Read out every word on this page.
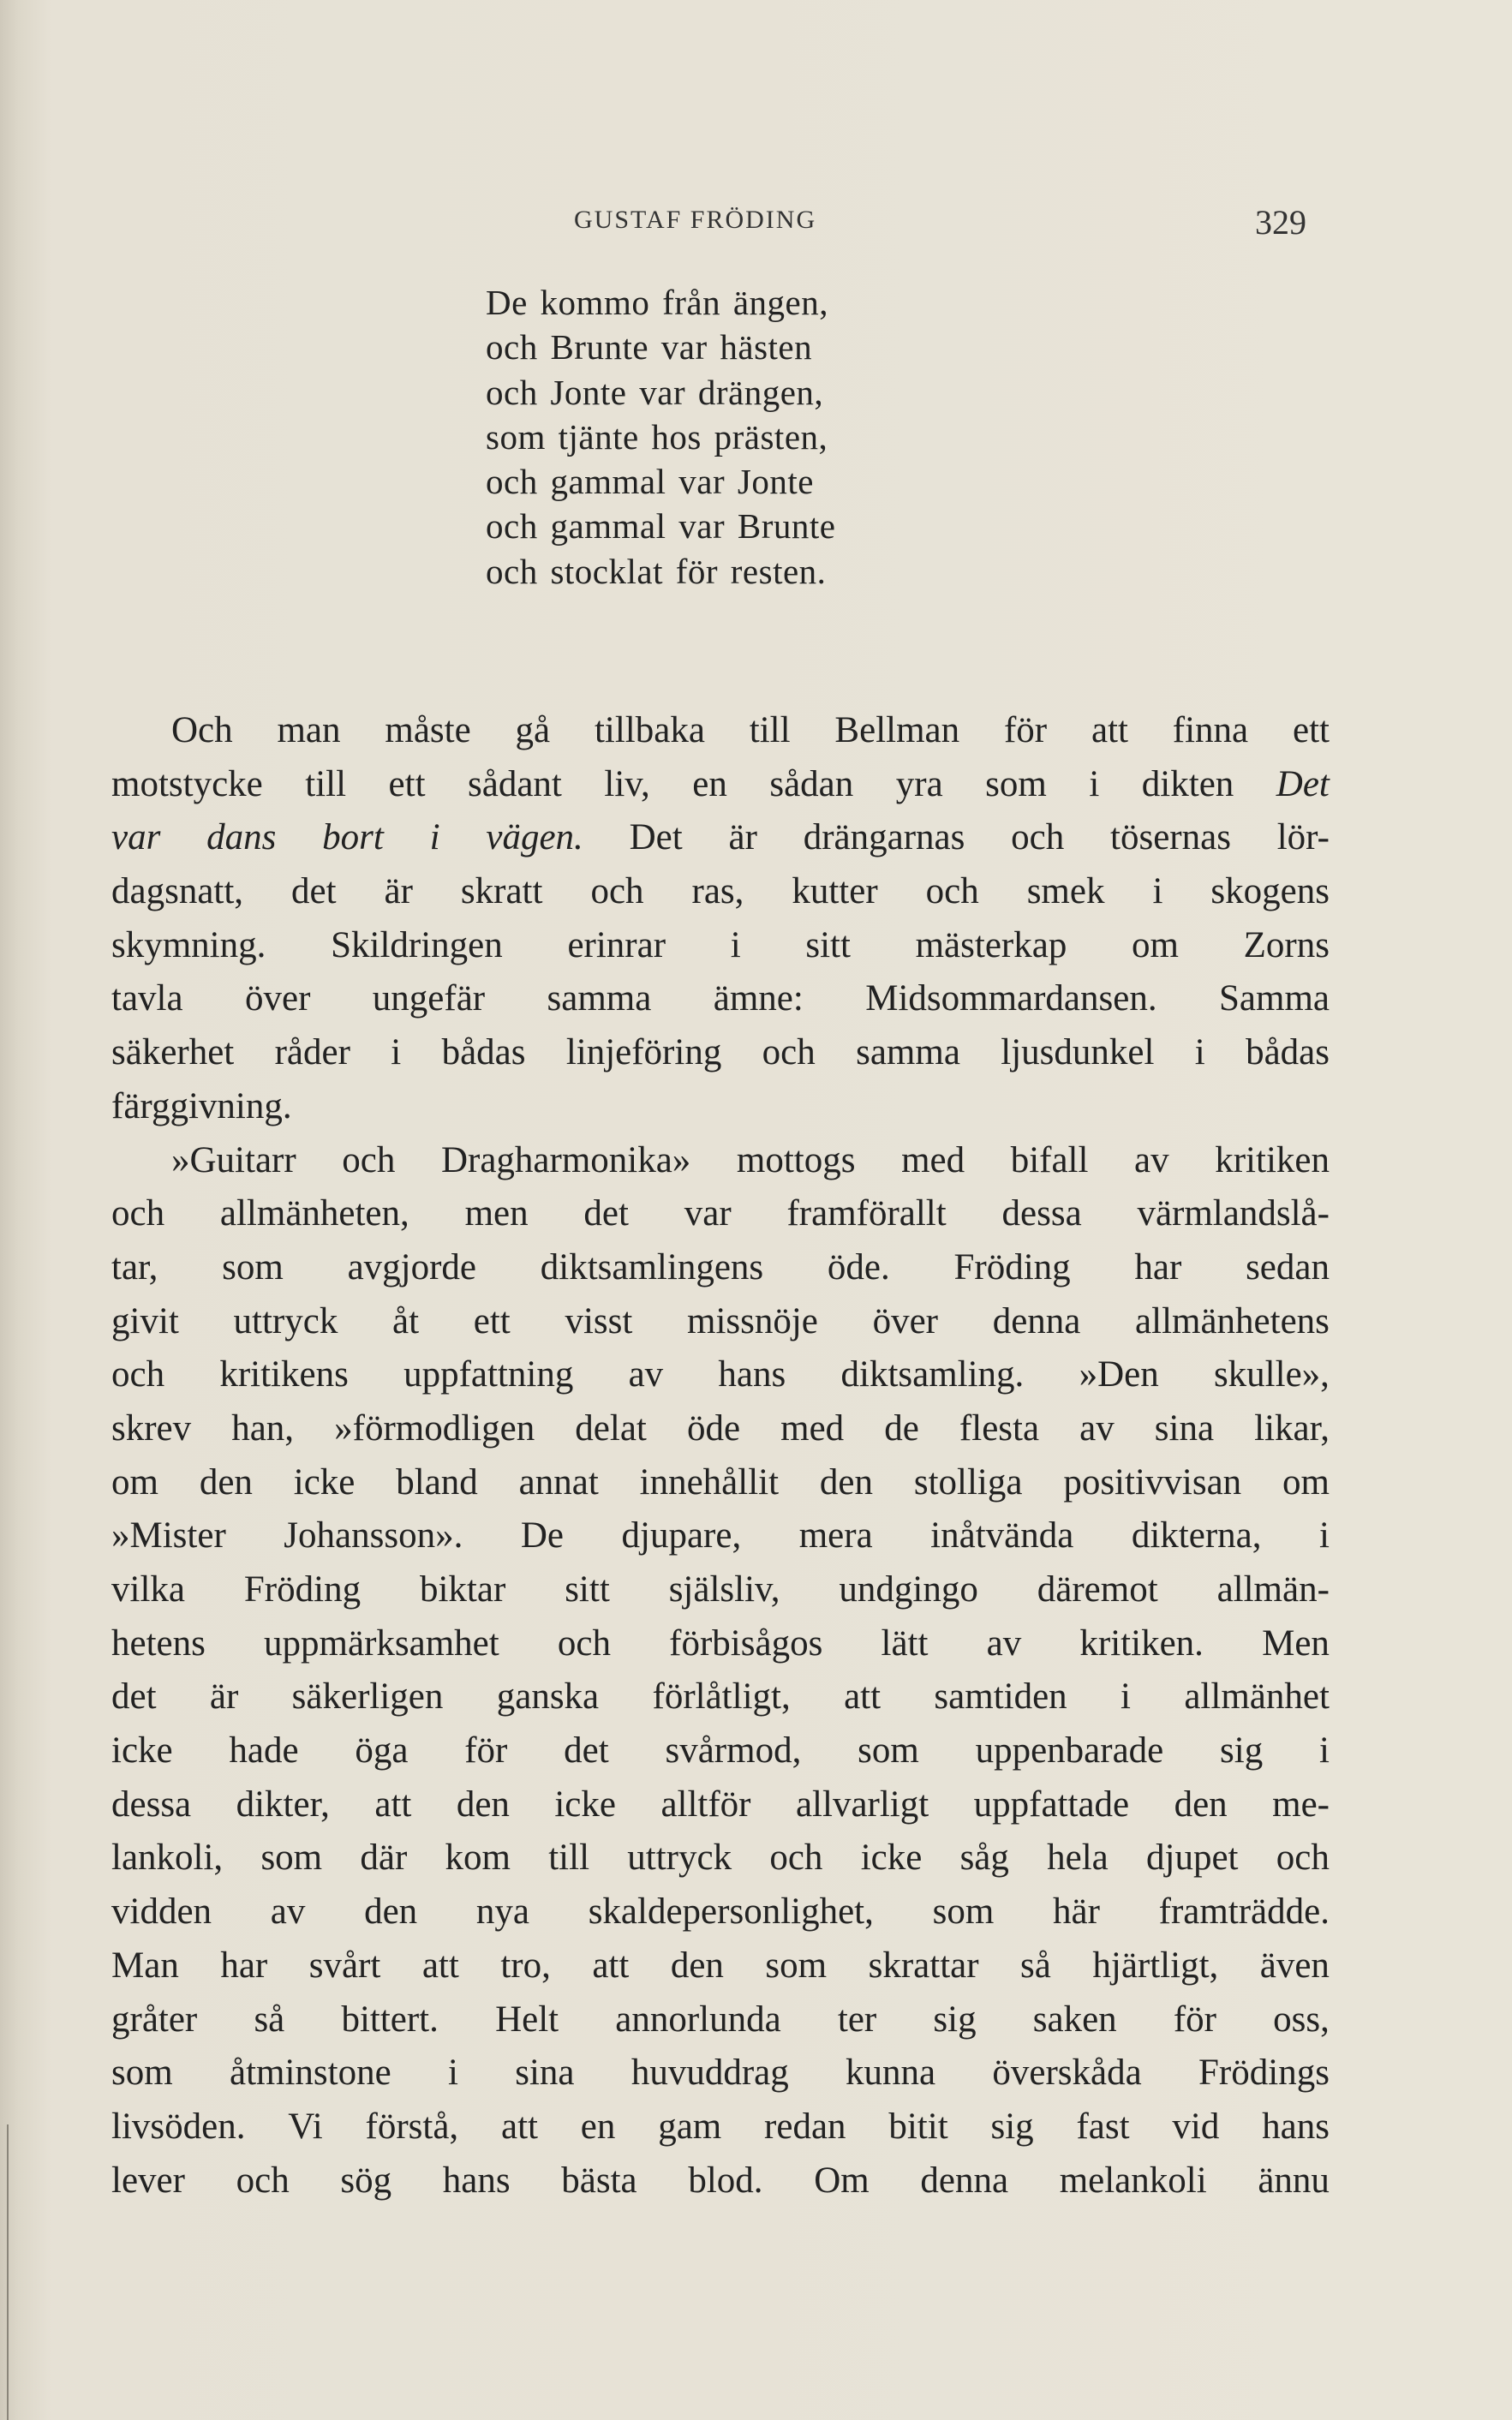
GUSTAF FRÖDING	329
De kommo från ängen,
och Brunte var hästen
och Jonte var drängen,
som tjänte hos prästen,
och gammal var Jonte
och gammal var Brunte
och stocklat för resten.
Och man måste gå tillbaka till Bellman för att finna ett
motstycke till ett sådant liv, en sådan yra som i dikten Det
var dans bort i vägen. Det är drängarnas och tösernas lör-
dagsnatt, det är skratt och ras, kutter och smek i skogens
skymning. Skildringen erinrar i sitt mästerkap om Zorns
tavla över ungefär samma ämne: Midsommardansen. Samma
säkerhet råder i bådas linjeföring och samma ljusdunkel i bådas
färggivning.
»Guitarr och Dragharmonika» mottogs med bifall av kritiken
och allmänheten, men det var framförallt dessa värmlandslå-
tar, som avgjorde diktsamlingens öde. Fröding har sedan
givit uttryck åt ett visst missnöje över denna allmänhetens
och kritikens uppfattning av hans diktsamling. »Den skulle»,
skrev han, »förmodligen delat öde med de flesta av sina likar,
om den icke bland annat innehållit den stolliga positivvisan om
»Mister Johansson». De djupare, mera inåtvända dikterna, i
vilka Fröding biktar sitt själsliv, undgingo däremot allmän-
hetens uppmärksamhet och förbisågos lätt av kritiken. Men
det är säkerligen ganska förlåtligt, att samtiden i allmänhet
icke hade öga för det svårmod, som uppenbarade sig i
dessa dikter, att den icke alltför allvarligt uppfattade den me-
lankoli, som där kom till uttryck och icke såg hela djupet och
vidden av den nya skaldepersonlighet, som här framträdde.
Man har svårt att tro, att den som skrattar så hjärtligt, även
gråter så bittert. Helt annorlunda ter sig saken för oss,
som åtminstone i sina huvuddrag kunna överskåda Frödings
livsöden. Vi förstå, att en gam redan bitit sig fast vid hans
lever och sög hans bästa blod. Om denna melankoli ännu
